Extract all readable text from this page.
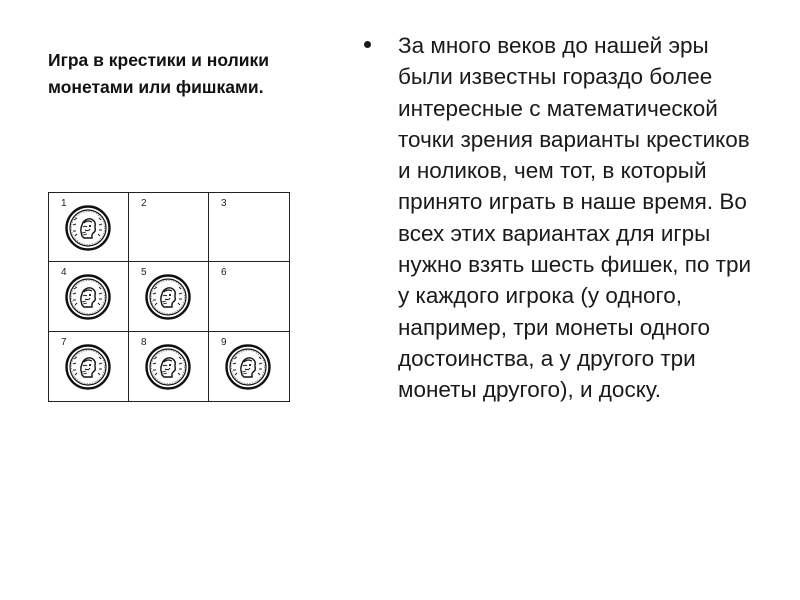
Игра в крестики и нолики монетами или фишками.
1	2	3
4	5	6
7	8	9
За много веков до нашей эры были известны гораздо более интересные с математической точки зрения варианты крестиков и ноликов, чем тот, в который принято играть в наше время. Во всех этих вариантах для игры нужно взять шесть фишек, по три у каждого игрока (у одного, например, три монеты одного достоинства, а у другого три монеты другого), и доску.
